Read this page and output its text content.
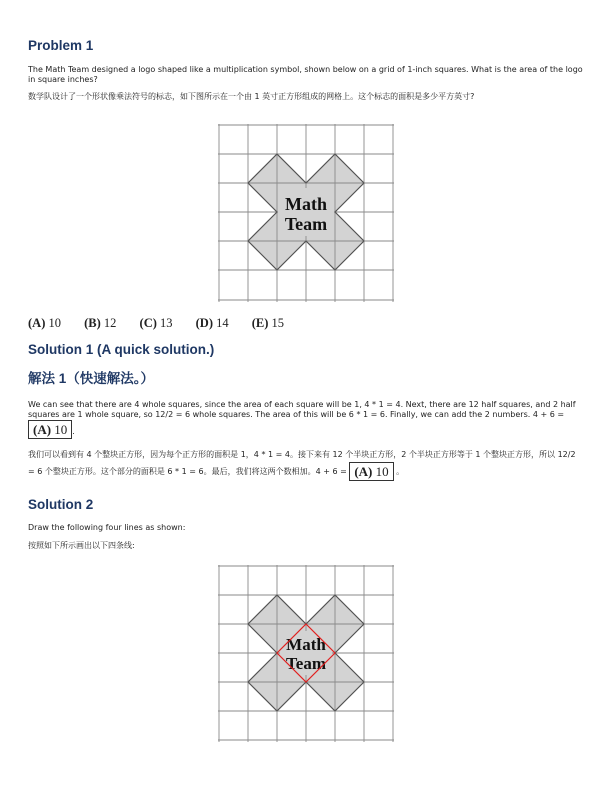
Problem 1

The Math Team designed a logo shaped like a multiplication symbol, shown below on a grid of 1-inch squares. What is the area of the logo in square inches?

数学队设计了一个形状像乘法符号的标志，如下图所示在一个由 1 英寸正方形组成的网格上。这个标志的面积是多少平方英寸?

Math
Team
(A) 10 (B) 12 (C) 13 (D) 14 (E) 15
Solution 1 (A quick solution.)
解法 1（快速解法。）

We can see that there are 4 whole squares, since the area of each square will be 1, 4 * 1 = 4. Next, there are 12 half squares, and 2 half squares are 1 whole square, so 12/2 = 6 whole squares. The area of this will be 6 * 1 = 6. Finally, we can add the 2 numbers. 4 + 6 =

(A) 10 .

我们可以看到有 4 个整块正方形，因为每个正方形的面积是 1，4 * 1 = 4。接下来有 12 个半块正方形，2 个半块正方形等于 1 个整块正方形，所以 12/2 = 6 个整块正方形。这个部分的面积是 6 * 1 = 6。最后，我们将这两个数相加。4 + 6 = (A) 10 。

Solution 2

Draw the following four lines as shown:

按照如下所示画出以下四条线:

Math
Team
